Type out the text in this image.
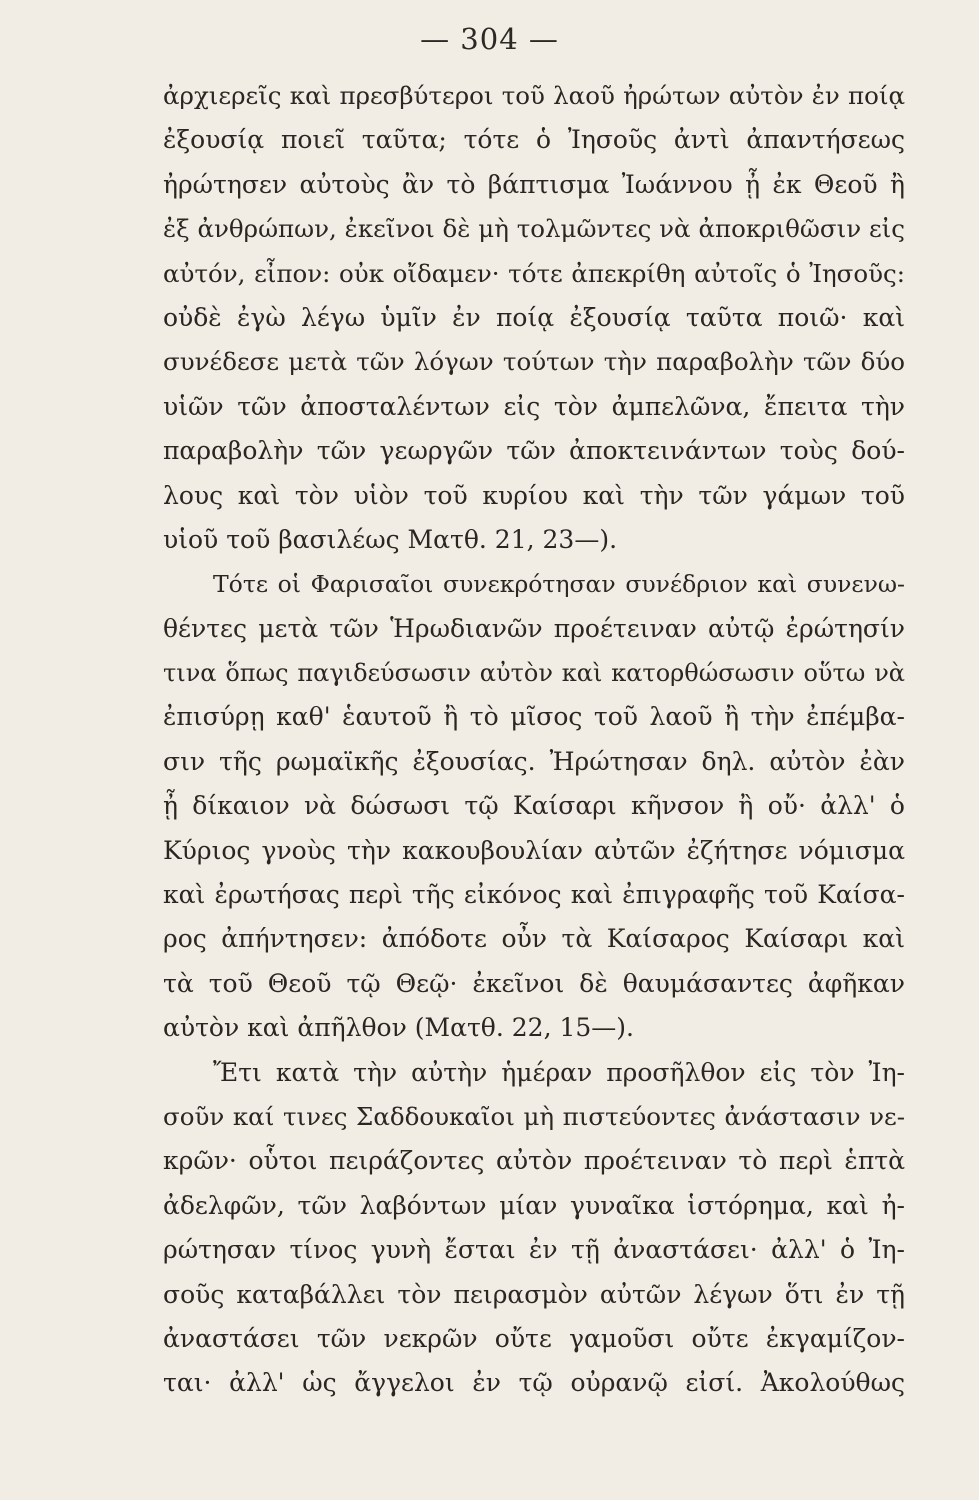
— 304 —
ἀρχιερεῖς καὶ πρεσβύτεροι τοῦ λαοῦ ἠρώτων αὐτὸν ἐν ποίᾳ
ἐξουσίᾳ ποιεῖ ταῦτα; τότε ὁ Ἰησοῦς ἀντὶ ἀπαντήσεως
ἠρώτησεν αὐτοὺς ἂν τὸ βάπτισμα Ἰωάννου ᾖ ἐκ Θεοῦ ἢ
ἐξ ἀνθρώπων, ἐκεῖνοι δὲ μὴ τολμῶντες νὰ ἀποκριθῶσιν εἰς
αὐτόν, εἶπον: οὐκ οἴδαμεν· τότε ἀπεκρίθη αὐτοῖς ὁ Ἰησοῦς:
οὐδὲ ἐγὼ λέγω ὑμῖν ἐν ποίᾳ ἐξουσίᾳ ταῦτα ποιῶ· καὶ
συνέδεσε μετὰ τῶν λόγων τούτων τὴν παραβολὴν τῶν δύο
υἱῶν τῶν ἀποσταλέντων εἰς τὸν ἀμπελῶνα, ἔπειτα τὴν
παραβολὴν τῶν γεωργῶν τῶν ἀποκτεινάντων τοὺς δού-
λους καὶ τὸν υἱὸν τοῦ κυρίου καὶ τὴν τῶν γάμων τοῦ
υἱοῦ τοῦ βασιλέως Ματθ. 21, 23—).
Τότε οἱ Φαρισαῖοι συνεκρότησαν συνέδριον καὶ συνενω-
θέντες μετὰ τῶν Ἡρωδιανῶν προέτειναν αὐτῷ ἐρώτησίν
τινα ὅπως παγιδεύσωσιν αὐτὸν καὶ κατορθώσωσιν οὕτω νὰ
ἐπισύρῃ καθ' ἑαυτοῦ ἢ τὸ μῖσος τοῦ λαοῦ ἢ τὴν ἐπέμβα-
σιν τῆς ρωμαϊκῆς ἐξουσίας. Ἠρώτησαν δηλ. αὐτὸν ἐὰν
ᾖ δίκαιον νὰ δώσωσι τῷ Καίσαρι κῆνσον ἢ οὔ· ἀλλ' ὁ
Κύριος γνοὺς τὴν κακουβουλίαν αὐτῶν ἐζήτησε νόμισμα
καὶ ἐρωτήσας περὶ τῆς εἰκόνος καὶ ἐπιγραφῆς τοῦ Καίσα-
ρος ἀπήντησεν: ἀπόδοτε οὖν τὰ Καίσαρος Καίσαρι καὶ
τὰ τοῦ Θεοῦ τῷ Θεῷ· ἐκεῖνοι δὲ θαυμάσαντες ἀφῆκαν
αὐτὸν καὶ ἀπῆλθον (Ματθ. 22, 15—).
Ἔτι κατὰ τὴν αὐτὴν ἡμέραν προσῆλθον εἰς τὸν Ἰη-
σοῦν καί τινες Σαδδουκαῖοι μὴ πιστεύοντες ἀνάστασιν νε-
κρῶν· οὗτοι πειράζοντες αὐτὸν προέτειναν τὸ περὶ ἑπτὰ
ἀδελφῶν, τῶν λαβόντων μίαν γυναῖκα ἱστόρημα, καὶ ἠ-
ρώτησαν τίνος γυνὴ ἔσται ἐν τῇ ἀναστάσει· ἀλλ' ὁ Ἰη-
σοῦς καταβάλλει τὸν πειρασμὸν αὐτῶν λέγων ὅτι ἐν τῇ
ἀναστάσει τῶν νεκρῶν οὔτε γαμοῦσι οὔτε ἐκγαμίζον-
ται· ἀλλ' ὡς ἄγγελοι ἐν τῷ οὐρανῷ εἰσί. Ἀκολούθως
